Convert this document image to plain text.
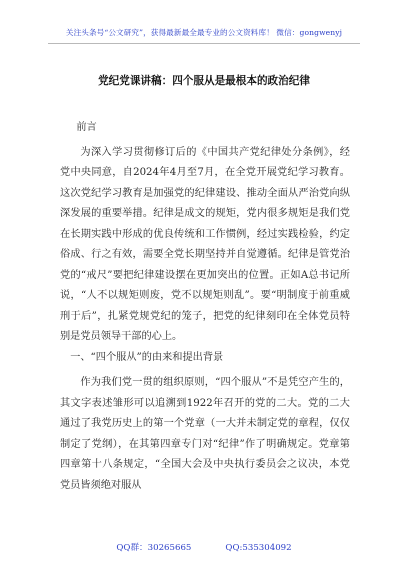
关注头条号“公文研究”，获得最新最全最专业的公文资料库！ 微信：gongwenyj
党纪党课讲稿：四个服从是最根本的政治纪律

前言

为深入学习贯彻修订后的《中国共产党纪律处分条例》，经党中央同意，自2024年4月至7月，在全党开展党纪学习教育。这次党纪学习教育是加强党的纪律建设、推动全面从严治党向纵深发展的重要举措。纪律是成文的规矩，党内很多规矩是我们党在长期实践中形成的优良传统和工作惯例，经过实践检验，约定俗成、行之有效，需要全党长期坚持并自觉遵循。纪律是管党治党的“戒尺”要把纪律建设摆在更加突出的位置。正如A总书记所说，“人不以规矩则废，党不以规矩则乱”。要“明制度于前重威刑于后”，扎紧党规党纪的笼子，把党的纪律刻印在全体党员特别是党员领导干部的心上。

一、“四个服从”的由来和提出背景

作为我们党一贯的组织原则，“四个服从”不是凭空产生的，其文字表述雏形可以追溯到1922年召开的党的二大。党的二大通过了我党历史上的第一个党章（一大并未制定党的章程，仅仅制定了党纲），在其第四章专门对“纪律”作了明确规定。党章第四章第十八条规定，“全国大会及中央执行委员会之议决，本党党员皆须绝对服从

QQ群：30265665	QQ:535304092
